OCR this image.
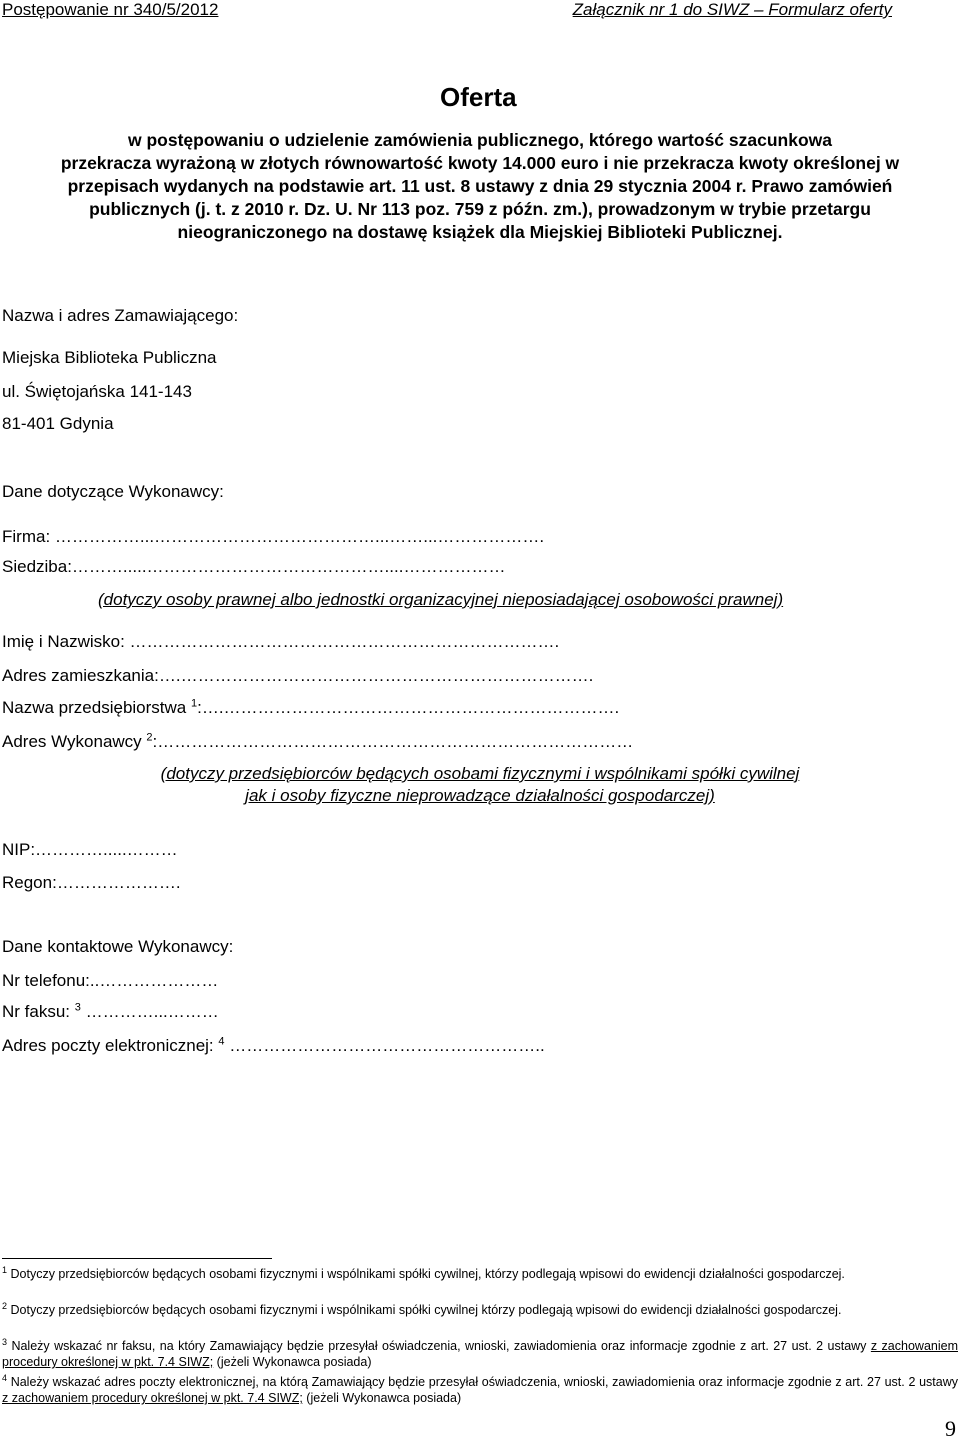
Postępowanie nr 340/5/2012	Załącznik nr 1 do SIWZ – Formularz oferty
Oferta
w postępowaniu o udzielenie zamówienia publicznego, którego wartość szacunkowa
przekracza wyrażoną w złotych równowartość kwoty 14.000 euro i nie przekracza kwoty określonej w
przepisach wydanych na podstawie art. 11 ust. 8 ustawy z dnia 29 stycznia 2004 r. Prawo zamówień
publicznych (j. t. z 2010 r. Dz. U. Nr 113 poz. 759 z późn. zm.), prowadzonym w trybie przetargu
nieograniczonego na dostawę książek dla Miejskiej Biblioteki Publicznej.
Nazwa i adres Zamawiającego:
Miejska Biblioteka Publiczna
ul. Świętojańska 141-143
81-401 Gdynia
Dane dotyczące Wykonawcy:
Firma: ……………...…………………………………...……...……………….
Siedziba:……….....……………………………………....………………
(dotyczy osoby prawnej albo jednostki organizacyjnej nieposiadającej osobowości prawnej)
Imię i Nazwisko: ………………………………………………………………….
Adres zamieszkania:….……………………………………………………………….
Nazwa przedsiębiorstwa $^1$:….…………………………………………………………….
Adres Wykonawcy $^2$:…………………………………………………………………………
(dotyczy przedsiębiorców będących osobami fizycznymi i wspólnikami spółki cywilnej
jak i osoby fizyczne nieprowadzące działalności gospodarczej)
NIP:………….....………
Regon:………………….
Dane kontaktowe Wykonawcy:
Nr telefonu:..…………………
Nr faksu: $^3$ …………...………
Adres poczty elektronicznej: $^4$ ………………………………………………..
$^1$ Dotyczy przedsiębiorców będących osobami fizycznymi i wspólnikami spółki cywilnej, którzy podlegają wpisowi do ewidencji działalności gospodarczej.
$^2$ Dotyczy przedsiębiorców będących osobami fizycznymi i wspólnikami spółki cywilnej którzy podlegają wpisowi do ewidencji działalności gospodarczej.
$^3$ Należy wskazać nr faksu, na który Zamawiający będzie przesyłał oświadczenia, wnioski, zawiadomienia oraz informacje zgodnie z art. 27 ust. 2 ustawy z zachowaniem procedury określonej w pkt. 7.4 SIWZ; (jeżeli Wykonawca posiada)
$^4$ Należy wskazać adres poczty elektronicznej, na którą Zamawiający będzie przesyłał oświadczenia, wnioski, zawiadomienia oraz informacje zgodnie z art. 27 ust. 2 ustawy z zachowaniem procedury określonej w pkt. 7.4 SIWZ; (jeżeli Wykonawca posiada)
9
